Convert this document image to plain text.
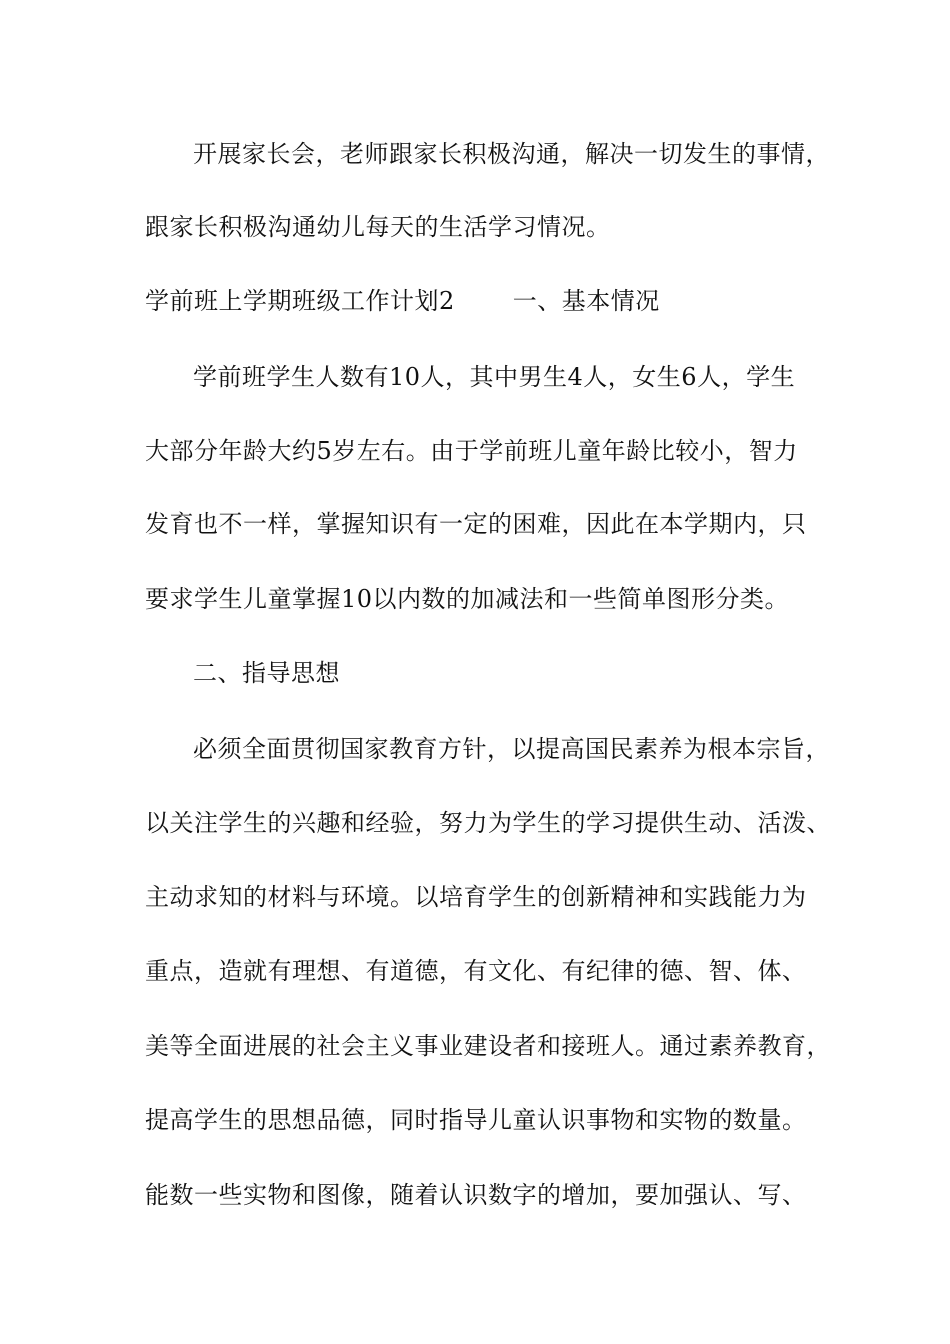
开展家长会，老师跟家长积极沟通，解决一切发生的事情，
跟家长积极沟通幼儿每天的生活学习情况。
学前班上学期班级工作计划2 一、基本情况
学前班学生人数有10人，其中男生4人，女生6人，学生
大部分年龄大约5岁左右。由于学前班儿童年龄比较小，智力
发育也不一样，掌握知识有一定的困难，因此在本学期内，只
要求学生儿童掌握10以内数的加减法和一些简单图形分类。
二、指导思想
必须全面贯彻国家教育方针，以提高国民素养为根本宗旨，
以关注学生的兴趣和经验，努力为学生的学习提供生动、活泼、
主动求知的材料与环境。以培育学生的创新精神和实践能力为
重点，造就有理想、有道德，有文化、有纪律的德、智、体、
美等全面进展的社会主义事业建设者和接班人。通过素养教育，
提高学生的思想品德，同时指导儿童认识事物和实物的数量。
能数一些实物和图像，随着认识数字的增加，要加强认、写、
